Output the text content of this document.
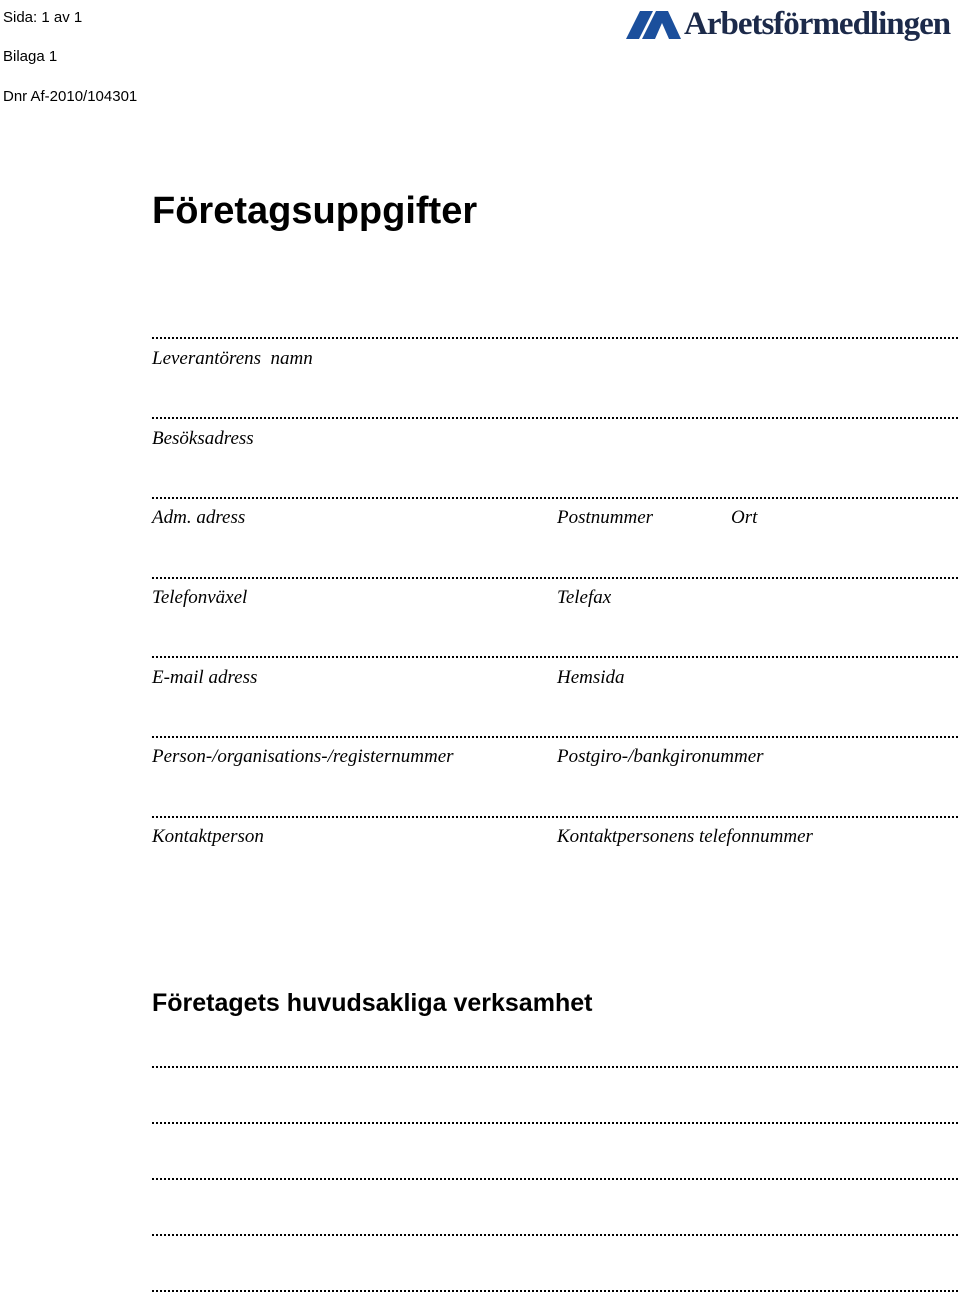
Sida: 1 av 1
Bilaga 1
Dnr Af-2010/104301
Arbetsförmedlingen
Företagsuppgifter
Leverantörens  namn
Besöksadress
Adm. adress	Postnummer	Ort
Telefonväxel	Telefax
E-mail adress	Hemsida
Person-/organisations-/registernummer	Postgiro-/bankgironummer
Kontaktperson	Kontaktpersonens telefonnummer
Företagets huvudsakliga verksamhet
